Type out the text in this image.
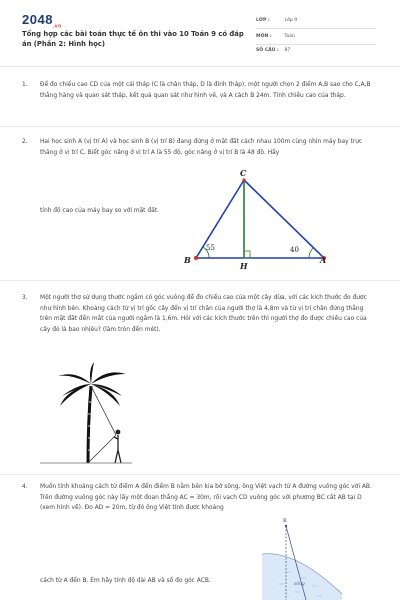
$2048_{.vn}$
Tổng hợp các bài toán thực tế ôn thi vào 10 Toán 9 có đáp án (Phần 2: Hình học)
LỚP :	Lớp 9
MÔN :	Toán
SỐ CÂU : 87
1. Để đo chiều cao CD của một cái tháp (C là chân tháp, D là đỉnh tháp), một người chọn 2 điểm A,B sao cho C,A,B thẳng hàng và quan sát tháp, kết quả quan sát như hình vẽ, và A cách B 24m. Tính chiều cao của tháp.
2. Hai học sinh A (vị trí A) và học sinh B (vị trí B) đang đứng ở mặt đất cách nhau 100m cùng nhìn máy bay trực thăng ở vị trí C. Biết góc nâng ở vị trí A là 55 độ, góc nâng ở vị trí B là 48 độ. Hãy
tính độ cao của máy bay so với mặt đất.
C
B	A
H
55	40
3. Một người thợ sử dụng thước ngắm có góc vuông để đo chiều cao của một cây dừa, với các kích thước đo được như hình bên. Khoảng cách từ vị trí gốc cây đến vị trí chân của người thợ là 4,8m và từ vị trí chân đứng thẳng trên mặt đất đến mắt của người ngắm là 1,6m. Hỏi với các kích thước trên thì người thợ đo được chiều cao của cây đó là bao nhiêu? (làm tròn đến mét).
4. Muốn tính khoảng cách từ điểm A đến điểm B nằm bên kia bờ sông, ông Việt vạch từ A đường vuông góc với AB. Trên đường vuông góc này lấy một đoạn thẳng AC = 30m, rồi vạch CD vuông góc với phương BC cắt AB tại D (xem hình vẽ). Đo AD = 20m, từ đó ông Việt tính được khoảng
cách từ A đến B. Em hãy tính độ dài AB và số đo góc ACB.
B
sông
